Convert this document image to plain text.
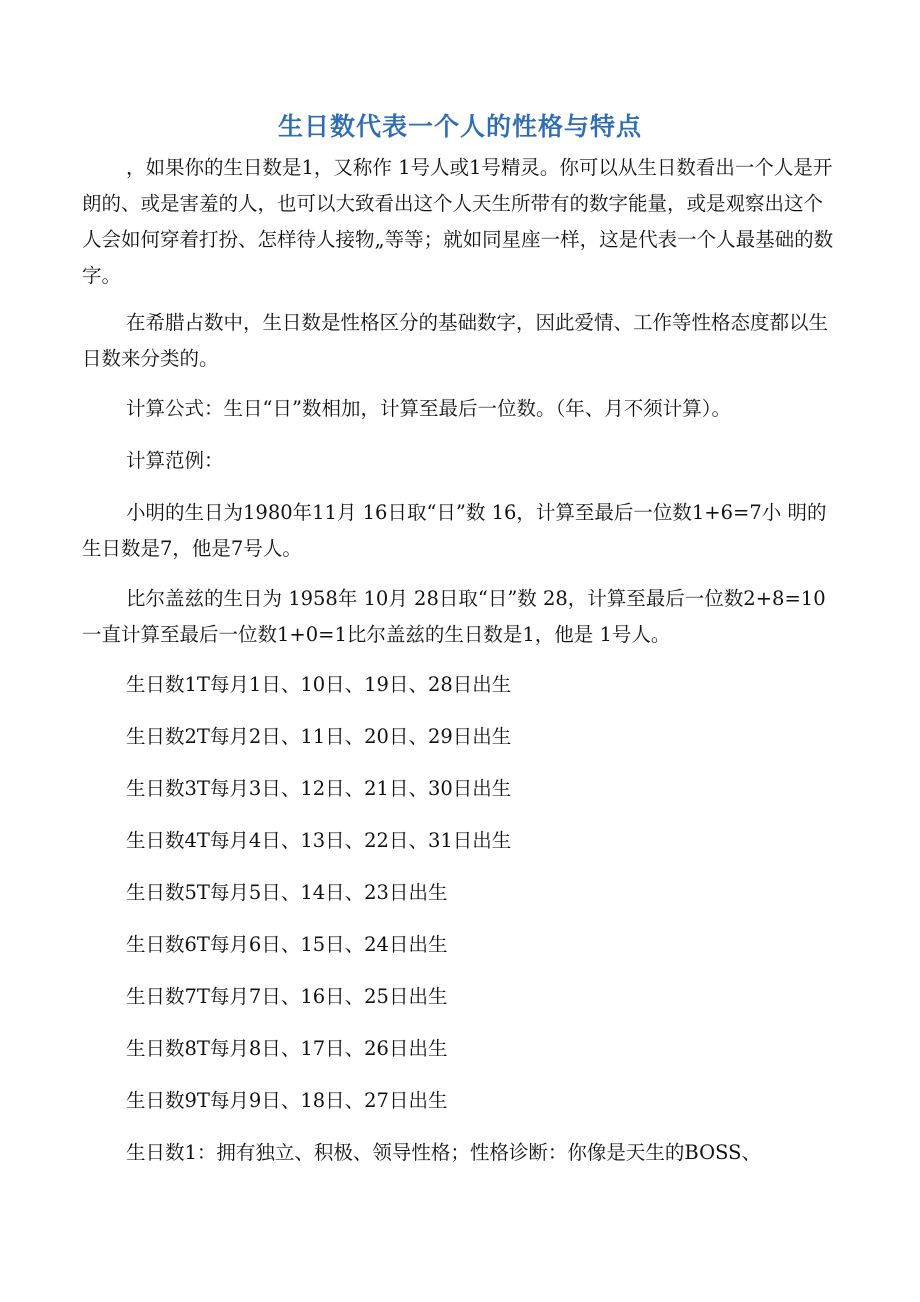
生日数代表一个人的性格与特点

，如果你的生日数是1，又称作 1号人或1号精灵。你可以从生日数看出一个人是开朗的、或是害羞的人，也可以大致看出这个人天生所带有的数字能量，或是观察出这个人会如何穿着打扮、怎样待人接物„等等；就如同星座一样，这是代表一个人最基础的数字。

在希腊占数中，生日数是性格区分的基础数字，因此爱情、工作等性格态度都以生日数来分类的。

计算公式：生日“日”数相加，计算至最后一位数。（年、月不须计算）。

计算范例：

小明的生日为1980年11月 16日取“日”数 16，计算至最后一位数1+6=7小 明的生日数是7，他是7号人。

比尔盖兹的生日为 1958年 10月 28日取“日”数 28，计算至最后一位数2+8=10一直计算至最后一位数1+0=1比尔盖兹的生日数是1，他是 1号人。

生日数1T每月1日、10日、19日、28日出生
生日数2T每月2日、11日、20日、29日出生
生日数3T每月3日、12日、21日、30日出生
生日数4T每月4日、13日、22日、31日出生
生日数5T每月5日、14日、23日出生
生日数6T每月6日、15日、24日出生
生日数7T每月7日、16日、25日出生
生日数8T每月8日、17日、26日出生
生日数9T每月9日、18日、27日出生

生日数1：拥有独立、积极、领导性格；性格诊断：你像是天生的BOSS、
